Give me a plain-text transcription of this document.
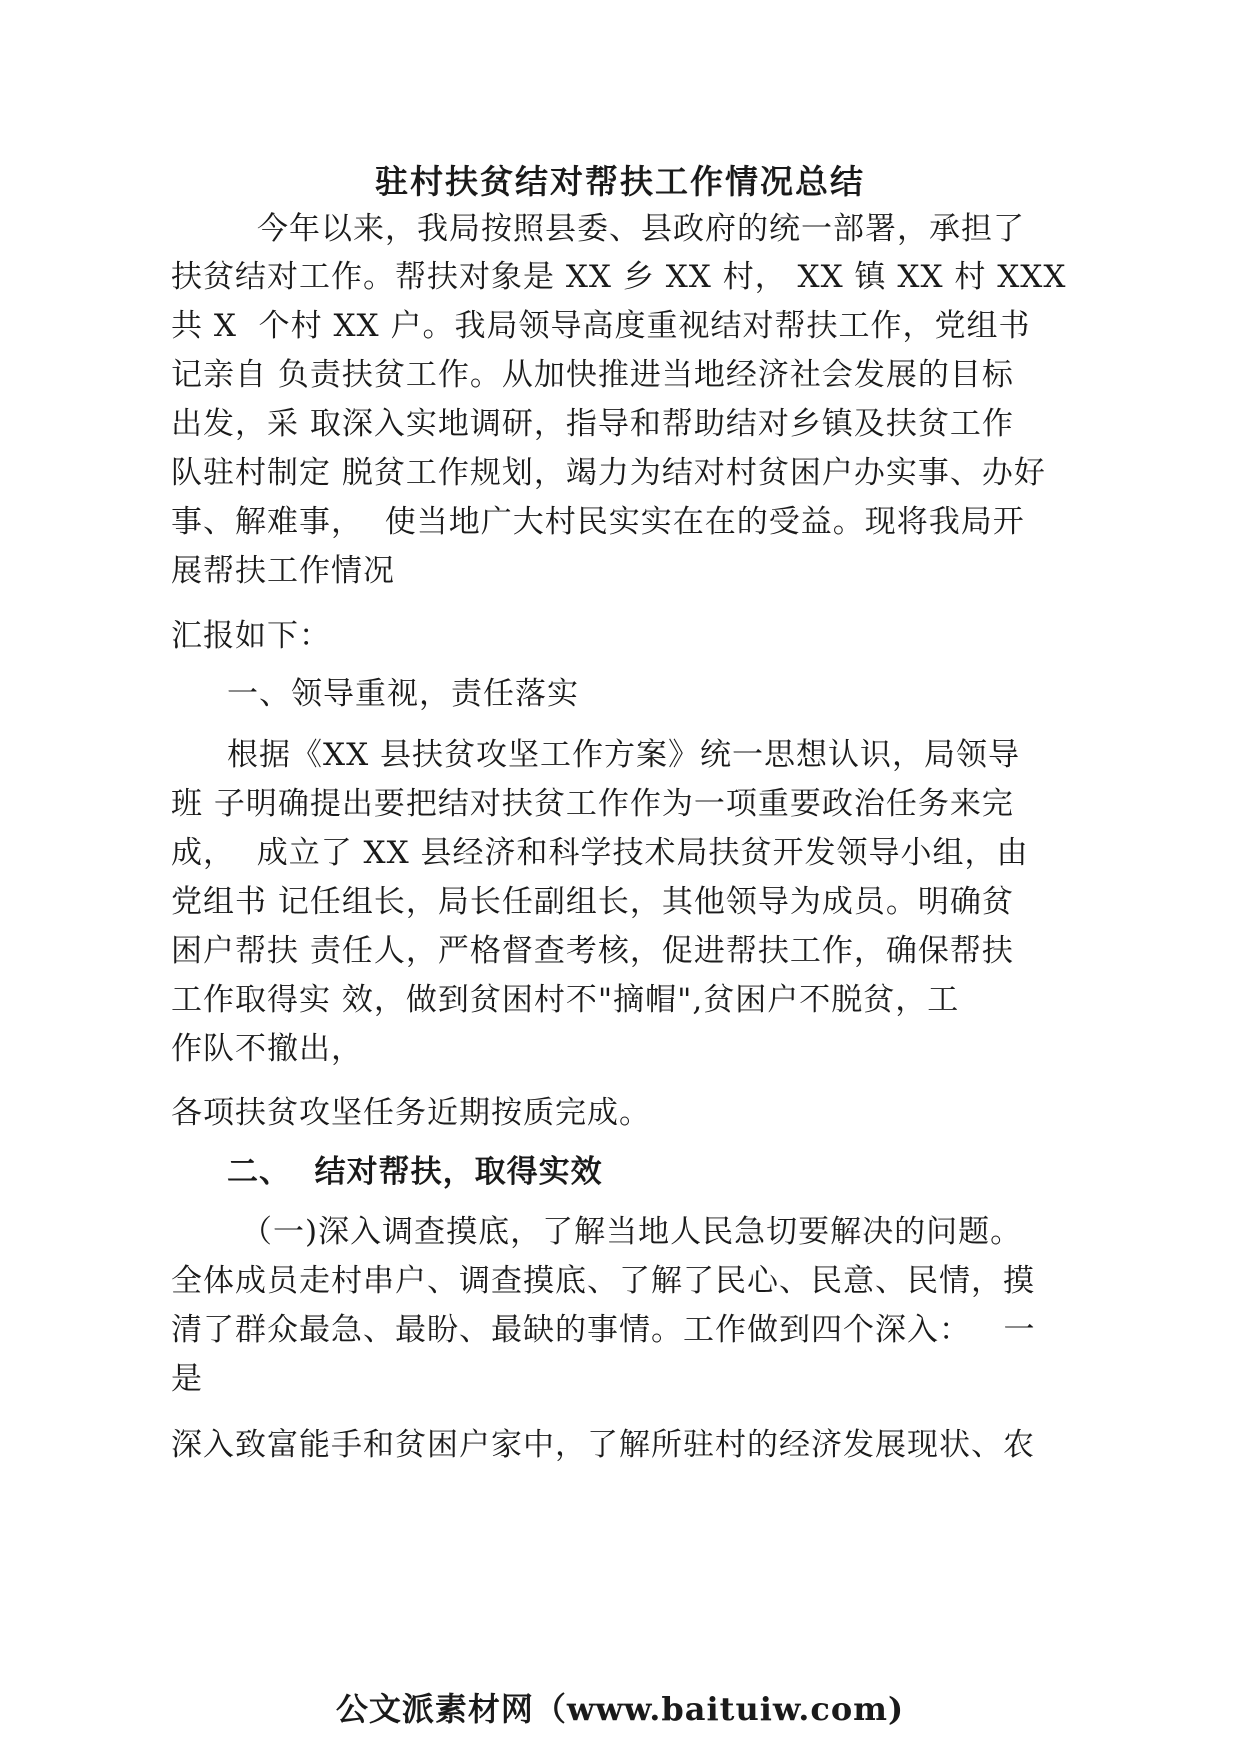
驻村扶贫结对帮扶工作情况总结
今年以来，我局按照县委、县政府的统一部署，承担了
扶贫结对工作。帮扶对象是 XX 乡 XX 村， XX 镇 XX 村 XXX
共 X  个村 XX 户。我局领导高度重视结对帮扶工作，党组书
记亲自 负责扶贫工作。从加快推进当地经济社会发展的目标
出发，采 取深入实地调研，指导和帮助结对乡镇及扶贫工作
队驻村制定 脱贫工作规划，竭力为结对村贫困户办实事、办好
事、解难事，  使当地广大村民实实在在的受益。现将我局开
展帮扶工作情况
汇报如下：
一、领导重视，责任落实
根据《XX 县扶贫攻坚工作方案》统一思想认识，局领导
班 子明确提出要把结对扶贫工作作为一项重要政治任务来完
成，  成立了 XX 县经济和科学技术局扶贫开发领导小组，由
党组书 记任组长，局长任副组长，其他领导为成员。明确贫
困户帮扶 责任人，严格督查考核，促进帮扶工作，确保帮扶
工作取得实 效，做到贫困村不"摘帽",贫困户不脱贫，工
作队不撤出，
各项扶贫攻坚任务近期按质完成。
二、  结对帮扶，取得实效
（一)深入调查摸底，了解当地人民急切要解决的问题。
全体成员走村串户、调查摸底、了解了民心、民意、民情，摸
清了群众最急、最盼、最缺的事情。工作做到四个深入：   一
是
深入致富能手和贫困户家中，了解所驻村的经济发展现状、农
公文派素材网（www.baituiw.com)
